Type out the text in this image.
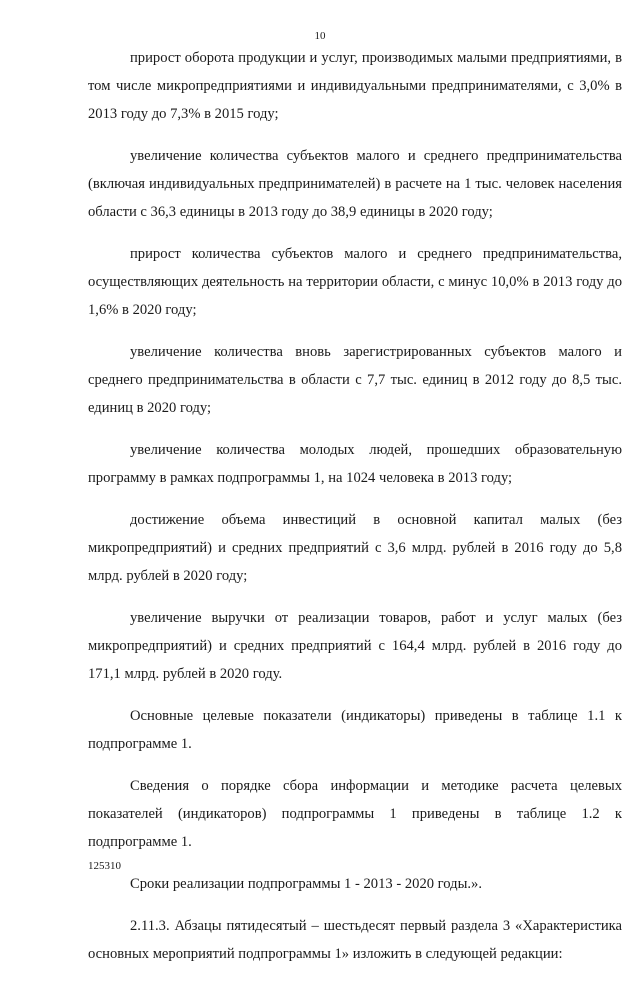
10

прирост оборота продукции и услуг, производимых малыми предприятиями, в том числе микропредприятиями и индивидуальными предпринимателями, с 3,0% в 2013 году до 7,3% в 2015 году;

увеличение количества субъектов малого и среднего предпринимательства (включая индивидуальных предпринимателей) в расчете на 1 тыс. человек населения области с 36,3 единицы в 2013 году до 38,9 единицы в 2020 году;

прирост количества субъектов малого и среднего предпринимательства, осуществляющих деятельность на территории области, с минус 10,0% в 2013 году до 1,6% в 2020 году;

увеличение количества вновь зарегистрированных субъектов малого и среднего предпринимательства в области с 7,7 тыс. единиц в 2012 году до 8,5 тыс. единиц в 2020 году;

увеличение количества молодых людей, прошедших образовательную программу в рамках подпрограммы 1, на 1024 человека в 2013 году;

достижение объема инвестиций в основной капитал малых (без микропредприятий) и средних предприятий с 3,6 млрд. рублей в 2016 году до 5,8 млрд. рублей в 2020 году;

увеличение выручки от реализации товаров, работ и услуг малых (без микропредприятий) и средних предприятий с 164,4 млрд. рублей в 2016 году до 171,1 млрд. рублей в 2020 году.

Основные целевые показатели (индикаторы) приведены в таблице 1.1 к подпрограмме 1.

Сведения о порядке сбора информации и методике расчета целевых показателей (индикаторов) подпрограммы 1 приведены в таблице 1.2 к подпрограмме 1.

Сроки реализации подпрограммы 1 - 2013 - 2020 годы.».

2.11.3. Абзацы пятидесятый – шестьдесят первый раздела 3 «Характеристика основных мероприятий подпрограммы 1» изложить в следующей редакции:

125310
